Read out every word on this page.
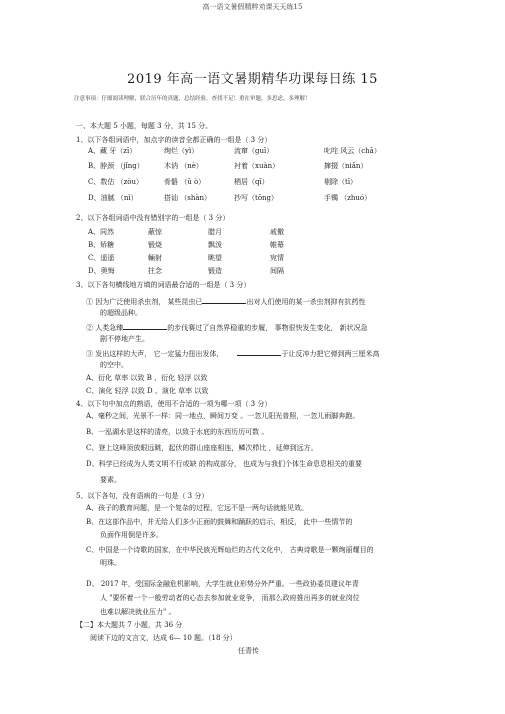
高一语文暑假精粹劝课天天练15
2019 年高一语文暑期精华功课每日练 15
注意事项：仔细阅读理解，联合历年的真题，总结经验，查找不足！重在审题，多思虑，多理解！
一、本大题 5 小题，每题 3 分，共 15 分。
1、以下各组词语中，加点字的读音全都正确的一组是（ 3 分）
A、藏 牙（zī）	绚烂（yì）	流窜（guī）	叱咤 风云（chā）
B、脖颈 （jǐng）	木讷 （nè）	衬着（xuàn）	撺掇（niǎn）
C、数估 （zòu）	骨骼 （ǔ ò）	栖居（qī）	剔除（tī）
D、油腻 （nì）	搭讪 （shàn）	抄写（tōng）	手镯 （zhuó）
2、以下各组词语中没有错别字的一组是（ 3 分）
A、同然	蔽惊	腊月	戚儆
B、矫糖	锻烧	飘泼	帷幕
C、遥遥	輛射	眺望	宛情
D、奥悔	拄念	锻造	间隔
3、以下各句横线地方填的词语最合适的一组是（ 3 分）
① 因为广泛使用杀虫剂， 某些昆虫已	出对人们使用的某一杀虫剂抑有抗药性
的超级品种。
② 人类急臻	的步伐赛过了自然界稳重的步履， 事物很快发生变化， 新状况急
剧不停地产生。
③ 发出这样的大声， 它一定猛力扭出发体，	于让反冲力把它弹到两三厘米高
的空中。
A、衍化 草率 以致 B 、衍化 轻浮 以致
C、演化 轻浮 以致 D 、演化 草率 以致
4、以下句中加点的熟语，使用不合适的一项为哪一项（ 3 分）
A、毫秒之间，光景不一样：同一地点，瞬间万变 。一忽儿阳光普照，一忽儿雨脚奔跑。
B、一泓湖水是这样的清亮，以致于水底的东西历历可数 。
C、登上这峰顶放眼远眺，起伏的群山座座相连，鳞次栉比 ，延伸到远方。
D、科学已经成为人类文明不行或缺 的构成部分， 也成为与我们个体生命息息相关的重要
要素。
5、以下各句，没有语病的一句是（ 3 分）
A、孩子的教育问题，是一个复杂的过程，它远不是一两句话就能见效。
B、在这部作品中，并无给人们多少正面的鼓舞和踊跃的启示，相反， 此中一些情节的
负面作用倒是许多。
C、中国是一个诗歌的国家，在中华民族光辉灿烂的古代文化中， 古典诗歌是一颗绚丽耀目的
明珠。
D、 2017 年，受国际金融危机影响，大学生就业形势分外严重。一些政协委员建议年青
人 "要怀着一个一般劳动者的心态去参加就业竞争， 而那么政府推出再多的就业岗位
也难以解决就业压力" 。
【二】本大题共 7 小题，共 36 分
阅读下边的文言文，达成 6— 10 题。（18 分）
任青传
